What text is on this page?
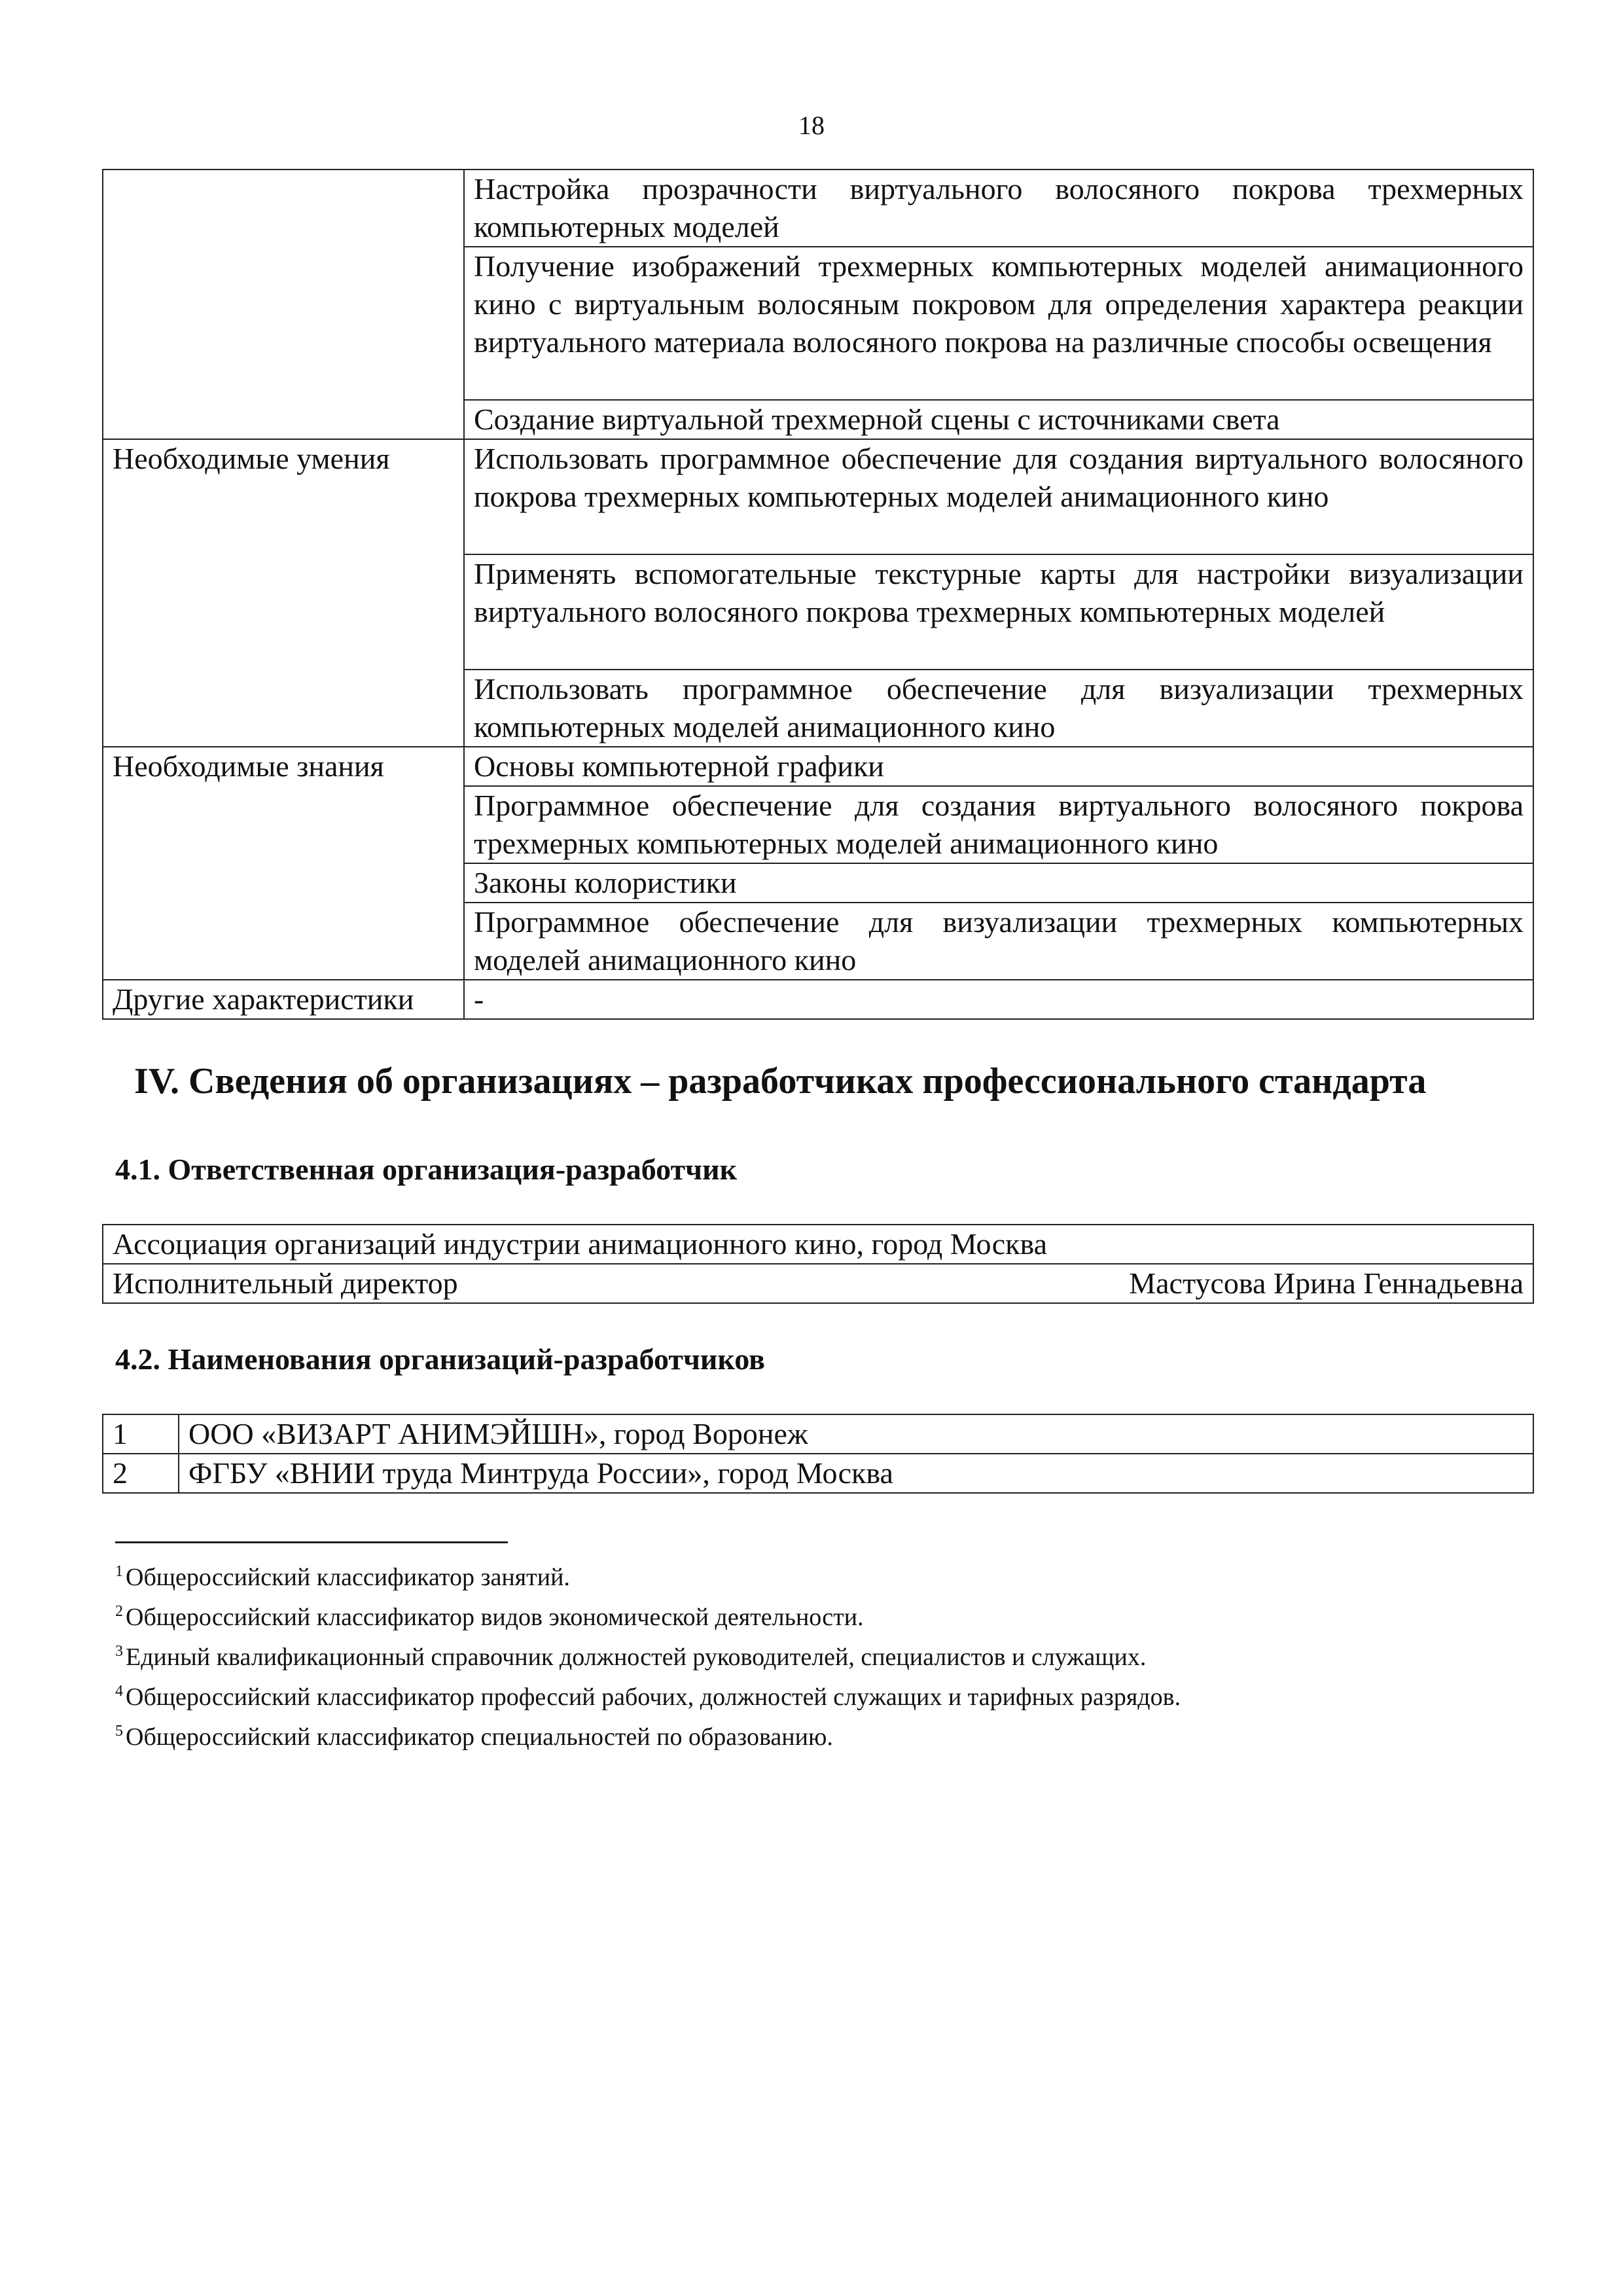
18
	Настройка прозрачности виртуального волосяного покрова трехмерных компьютерных моделей
	Получение изображений трехмерных компьютерных моделей анимационного кино с виртуальным волосяным покровом для определения характера реакции виртуального материала волосяного покрова на различные способы освещения
	Создание виртуальной трехмерной сцены с источниками света
Необходимые умения	Использовать программное обеспечение для создания виртуального волосяного покрова трехмерных компьютерных моделей анимационного кино
	Применять вспомогательные текстурные карты для настройки визуализации виртуального волосяного покрова трехмерных компьютерных моделей
	Использовать программное обеспечение для визуализации трехмерных компьютерных моделей анимационного кино
Необходимые знания	Основы компьютерной графики
	Программное обеспечение для создания виртуального волосяного покрова трехмерных компьютерных моделей анимационного кино
	Законы колористики
	Программное обеспечение для визуализации трехмерных компьютерных моделей анимационного кино
Другие характеристики	-
IV. Сведения об организациях – разработчиках профессионального стандарта
4.1. Ответственная организация-разработчик
Ассоциация организаций индустрии анимационного кино, город Москва

Исполнительный директор	Мастусова Ирина Геннадьевна
4.2. Наименования организаций-разработчиков
1	ООО «ВИЗАРТ АНИМЭЙШН», город Воронеж
2	ФГБУ «ВНИИ труда Минтруда России», город Москва
$^1$ Общероссийский классификатор занятий.
$^2$ Общероссийский классификатор видов экономической деятельности.
$^3$ Единый квалификационный справочник должностей руководителей, специалистов и служащих.
$^4$ Общероссийский классификатор профессий рабочих, должностей служащих и тарифных разрядов.
$^5$ Общероссийский классификатор специальностей по образованию.
